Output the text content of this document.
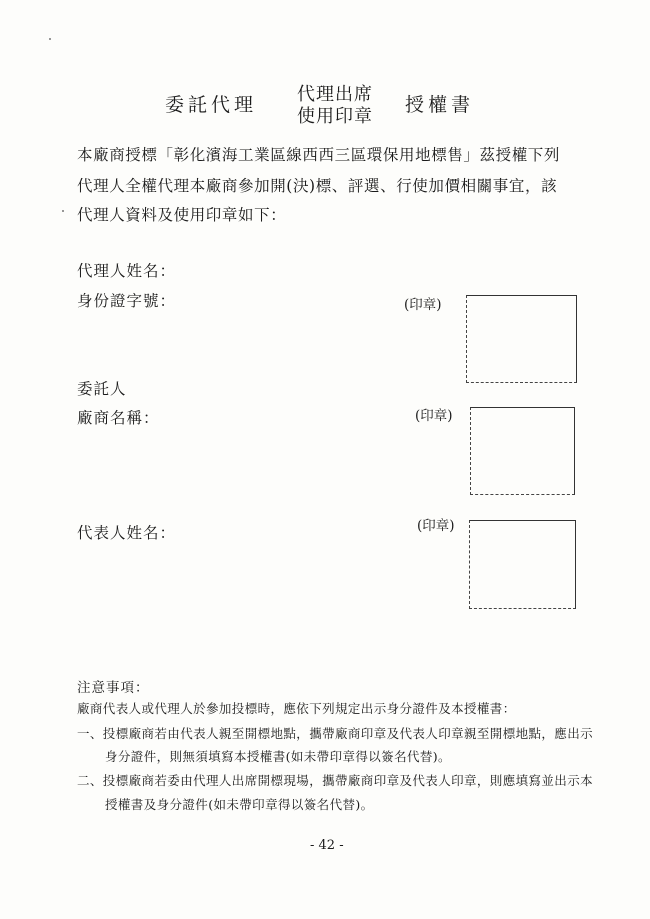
委託代理 代理出席
使用印章
授權書
本廠商授標「彰化濱海工業區線西西三區環保用地標售」茲授權下列
代理人全權代理本廠商參加開(決)標、評選、行使加價相關事宜，該
代理人資料及使用印章如下：
代理人姓名：
身份證字號：	(印章)
委託人
廠商名稱：	(印章)
代表人姓名：	(印章)
注意事項：
廠商代表人或代理人於參加投標時，應依下列規定出示身分證件及本授權書：
一、投標廠商若由代表人親至開標地點，攜帶廠商印章及代表人印章親至開標地點，應出示
身分證件，則無須填寫本授權書(如未帶印章得以簽名代替)。
二、投標廠商若委由代理人出席開標現場，攜帶廠商印章及代表人印章，則應填寫並出示本
授權書及身分證件(如未帶印章得以簽名代替)。
- 42 -
